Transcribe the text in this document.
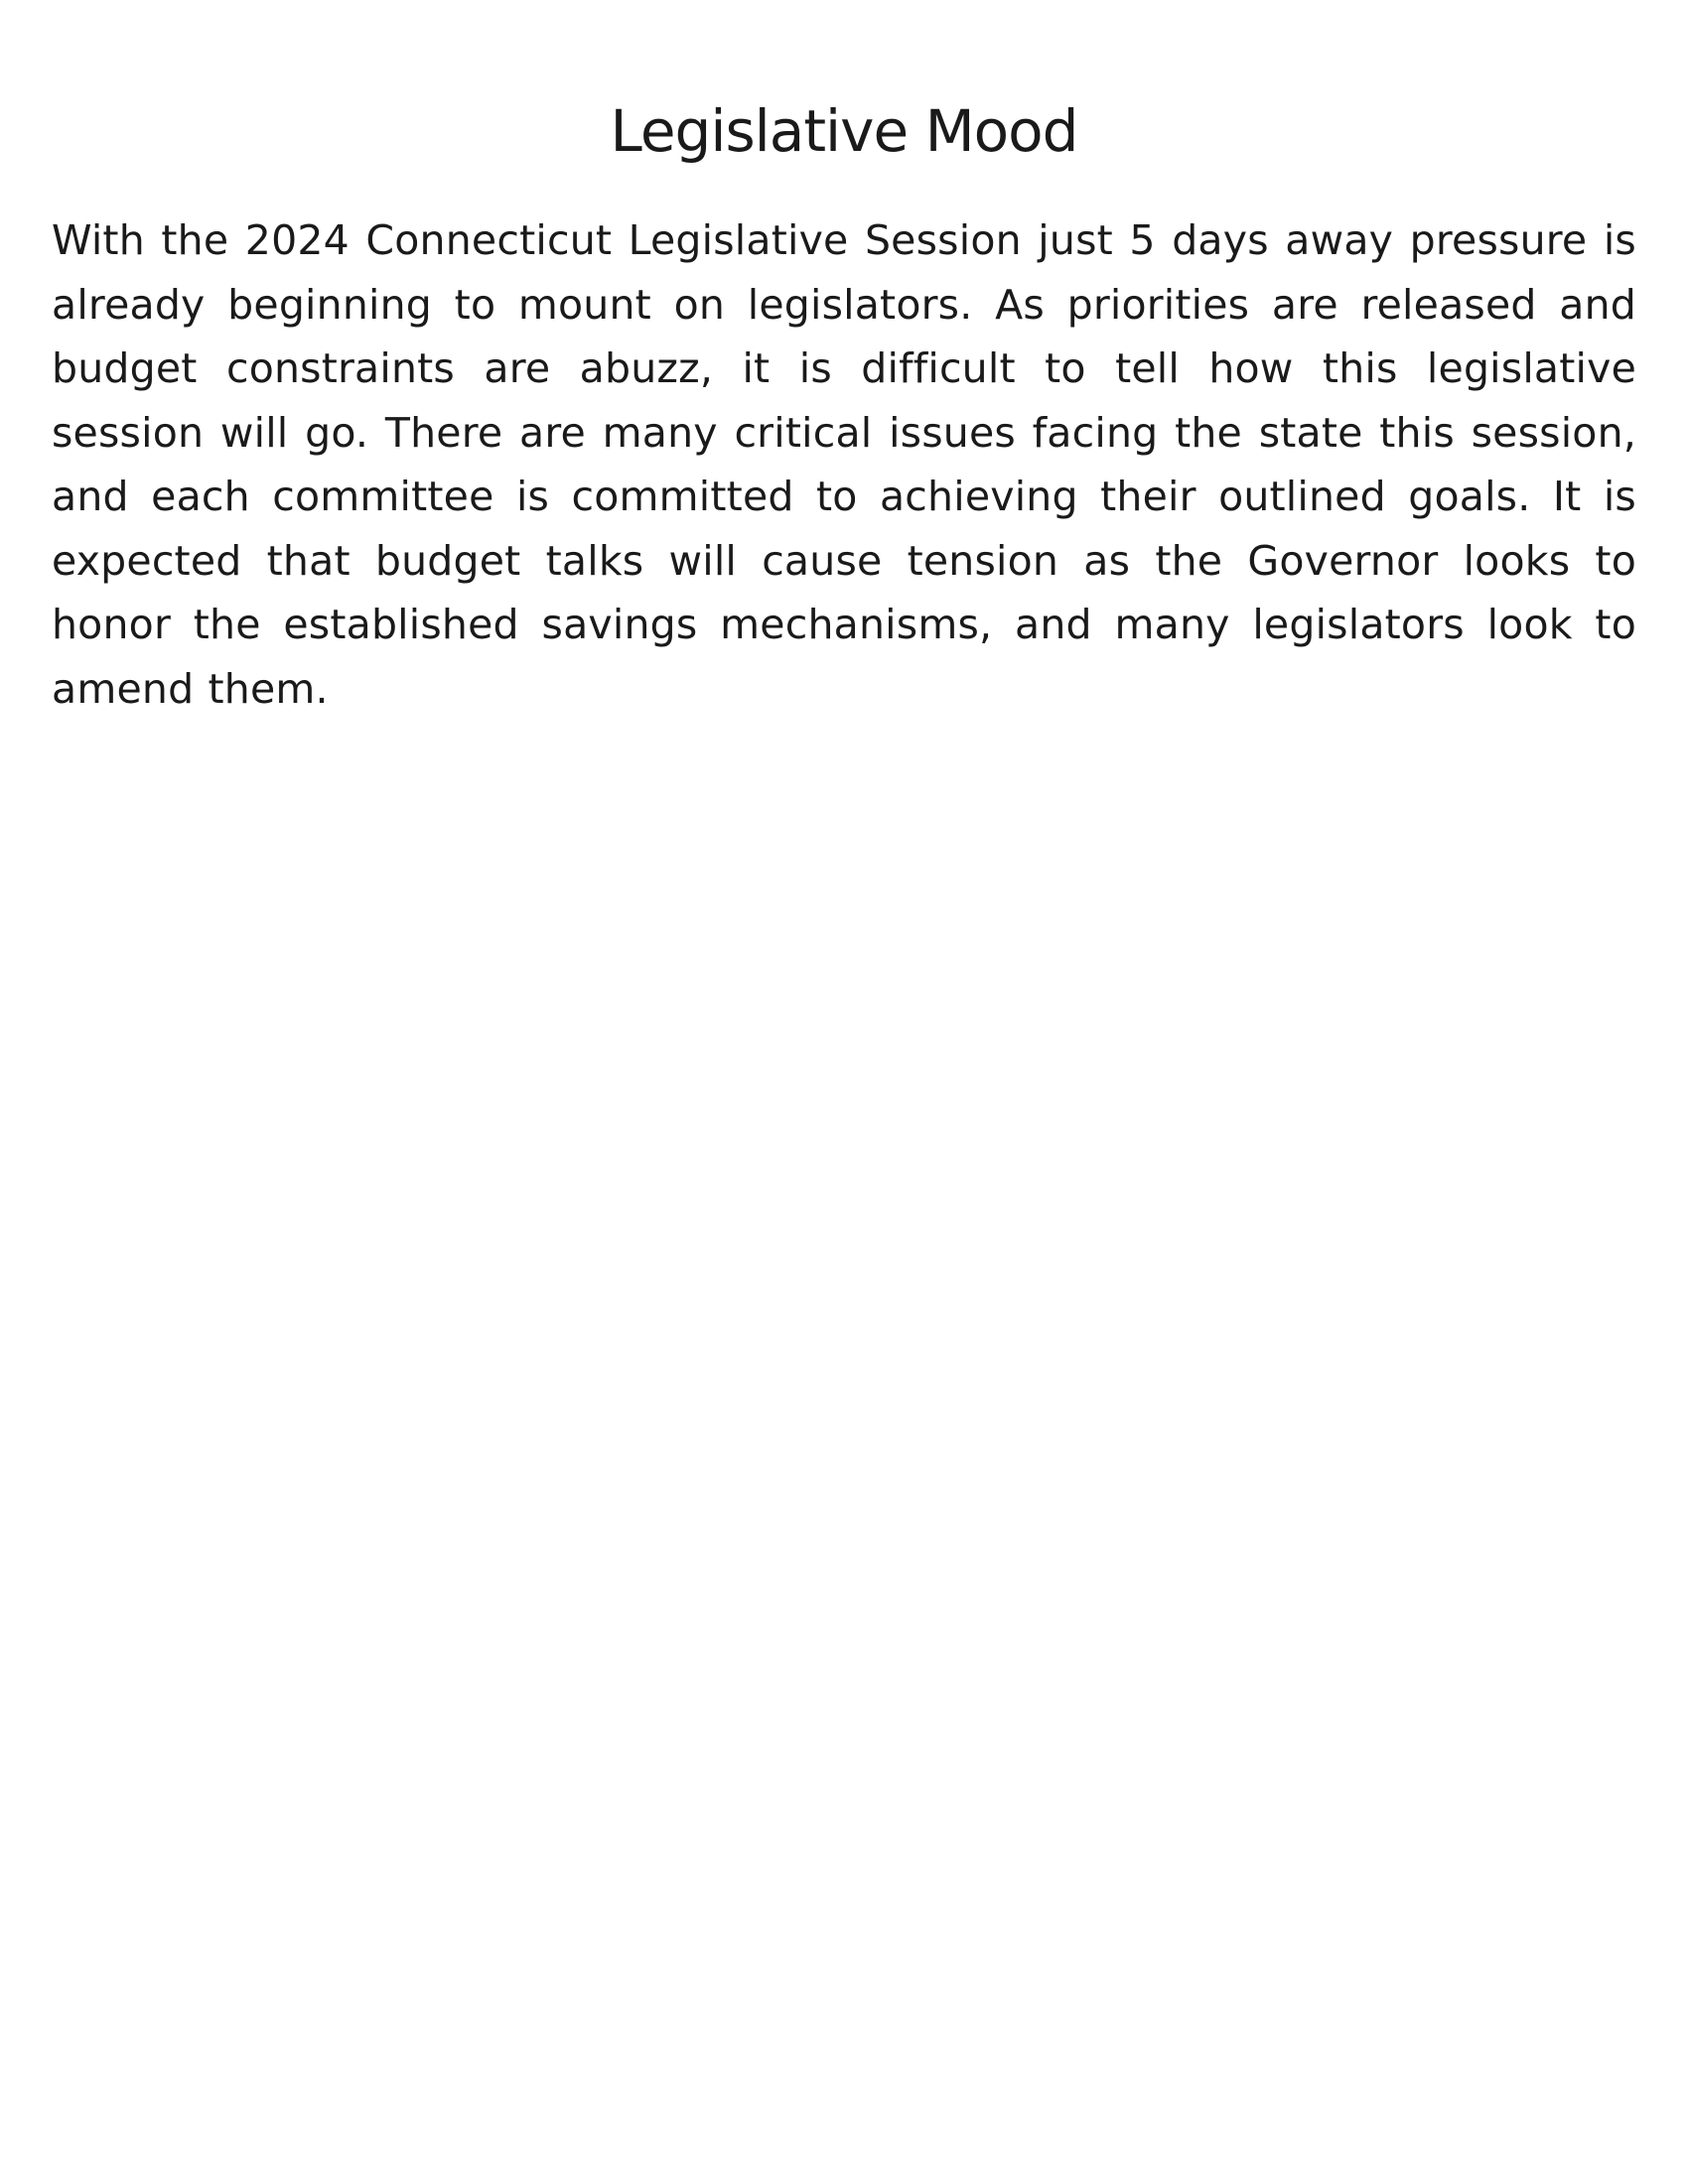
Legislative Mood

With the 2024 Connecticut Legislative Session just 5 days away pressure is already beginning to mount on legislators. As priorities are released and budget constraints are abuzz, it is difficult to tell how this legislative session will go. There are many critical issues facing the state this session, and each committee is committed to achieving their outlined goals. It is expected that budget talks will cause tension as the Governor looks to honor the established savings mechanisms, and many legislators look to amend them.
